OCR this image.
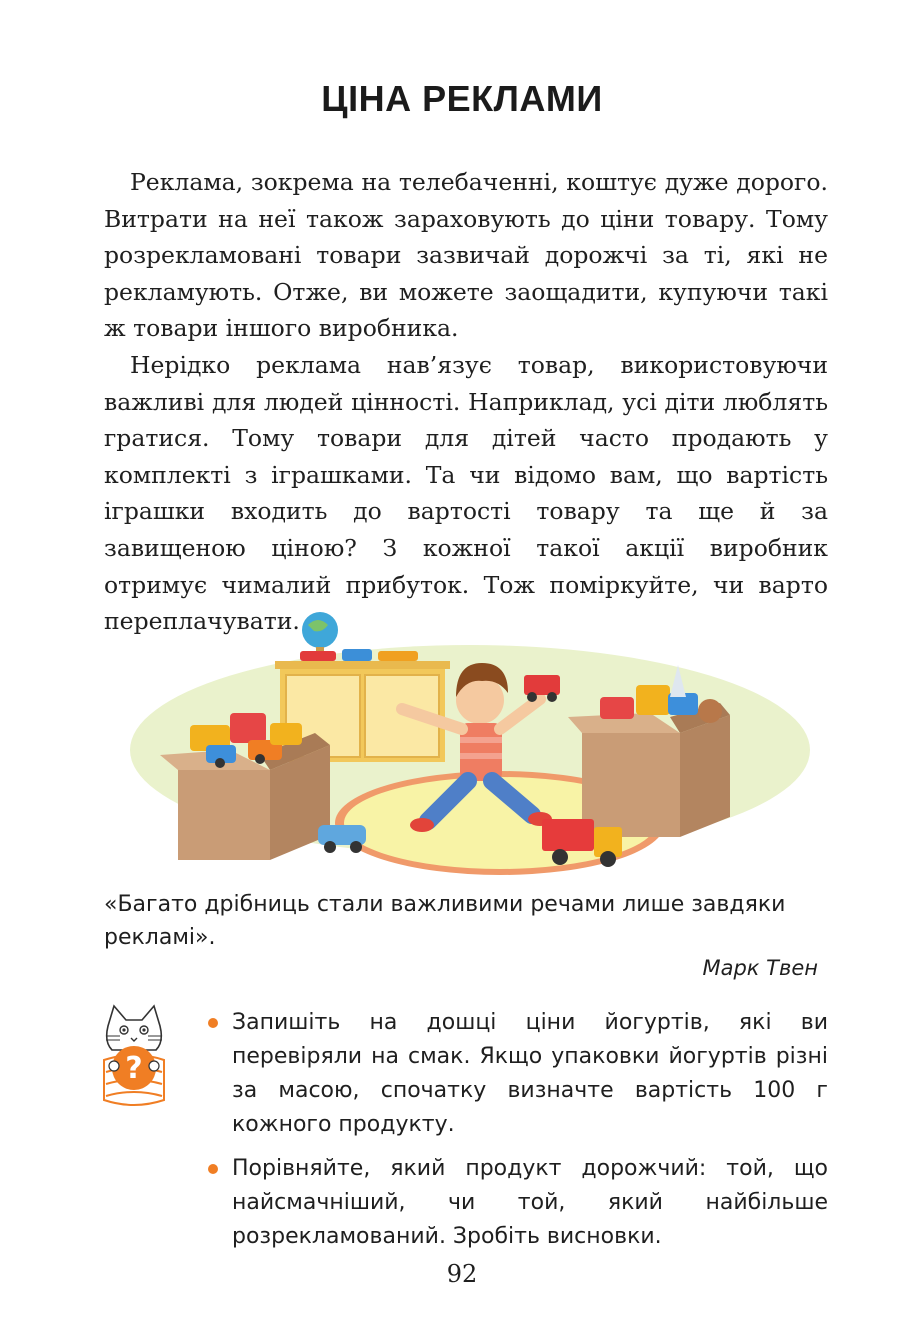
ЦІНА РЕКЛАМИ

Реклама, зокрема на телебаченні, коштує дуже дорого. Витрати на неї також зараховують до ціни товару. Тому розрекламовані товари зазвичай дорожчі за ті, які не рекламують. Отже, ви можете заощадити, купуючи такі ж товари іншого виробника.

Нерідко реклама нав’язує товар, використовуючи важливі для людей цінності. Наприклад, усі діти люблять гратися. Тому товари для дітей часто продають у комплекті з іграшками. Та чи відомо вам, що вартість іграшки входить до вартості товару та ще й за завищеною ціною? З кожної такої акції виробник отримує чималий прибуток. Тож поміркуйте, чи варто переплачувати.

«Багато дрібниць стали важливими речами лише завдяки рекламі».
Марк Твен
?
Запишіть на дошці ціни йогуртів, які ви перевіряли на смак. Якщо упаковки йогуртів різні за масою, спочатку визначте вартість 100 г кожного продукту.
Порівняйте, який продукт дорожчий: той, що найсмачніший, чи той, який найбільше розрекламований. Зробіть висновки.
92
